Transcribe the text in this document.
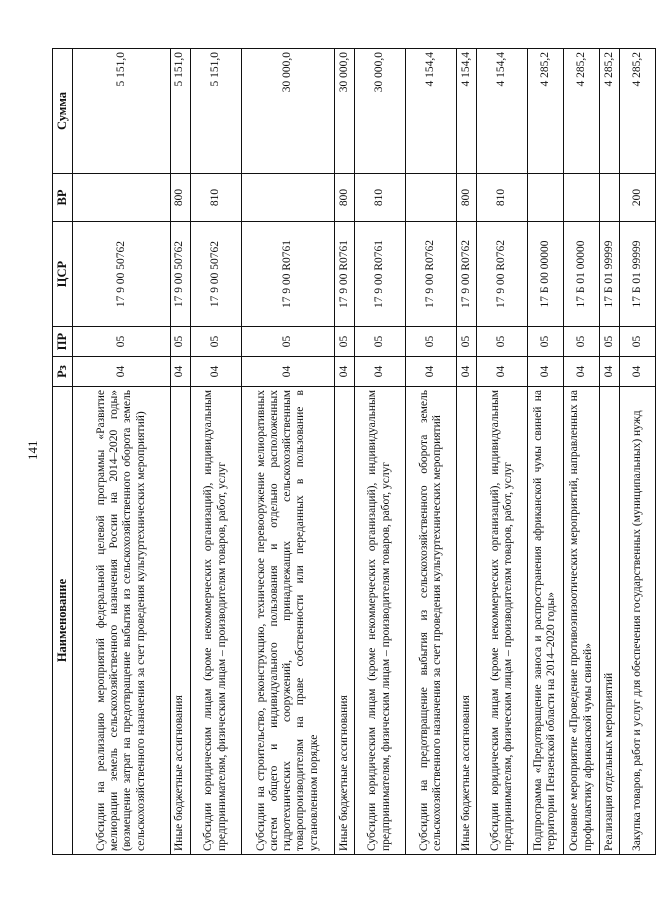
141
Наименование	Рз	ПР	ЦСР	ВР	Сумма
Субсидии на реализацию мероприятий федеральной целевой программы «Развитие мелиорации земель сельскохозяйственного назначения России на 2014–2020 годы» (возмещение затрат на предотвращение выбытия из сельскохозяйственного оборота земель сельскохозяйственного назначения за счет проведения культуртехнических мероприятий)	04	05	17 9 00 50762		5 151,0
Иные бюджетные ассигнования	04	05	17 9 00 50762	800	5 151,0
Субсидии юридическим лицам (кроме некоммерческих организаций), индивидуальным предпринимателям, физическим лицам – производителям товаров, работ, услуг	04	05	17 9 00 50762	810	5 151,0
Субсидии на строительство, реконструкцию, техническое перевооружение мелиоративных систем общего и индивидуального пользования и отдельно расположенных гидротехнических сооружений, принадлежащих сельскохозяйственным товаропроизводителям на праве собственности или переданных в пользование в установленном порядке	04	05	17 9 00 R0761		30 000,0
Иные бюджетные ассигнования	04	05	17 9 00 R0761	800	30 000,0
Субсидии юридическим лицам (кроме некоммерческих организаций), индивидуальным предпринимателям, физическим лицам – производителям товаров, работ, услуг	04	05	17 9 00 R0761	810	30 000,0
Субсидии на предотвращение выбытия из сельскохозяйственного оборота земель сельскохозяйственного назначения за счет проведения культуртехнических мероприятий	04	05	17 9 00 R0762		4 154,4
Иные бюджетные ассигнования	04	05	17 9 00 R0762	800	4 154,4
Субсидии юридическим лицам (кроме некоммерческих организаций), индивидуальным предпринимателям, физическим лицам – производителям товаров, работ, услуг	04	05	17 9 00 R0762	810	4 154,4
Подпрограмма «Предотвращение заноса и распространения африканской чумы свиней на территории Пензенской области на 2014–2020 годы»	04	05	17 Б 00 00000		4 285,2
Основное мероприятие «Проведение противоэпизоотических мероприятий, направленных на профилактику африканской чумы свиней»	04	05	17 Б 01 00000		4 285,2
Реализация отдельных мероприятий	04	05	17 Б 01 99999		4 285,2
Закупка товаров, работ и услуг для обеспечения государственных (муниципальных) нужд	04	05	17 Б 01 99999	200	4 285,2
